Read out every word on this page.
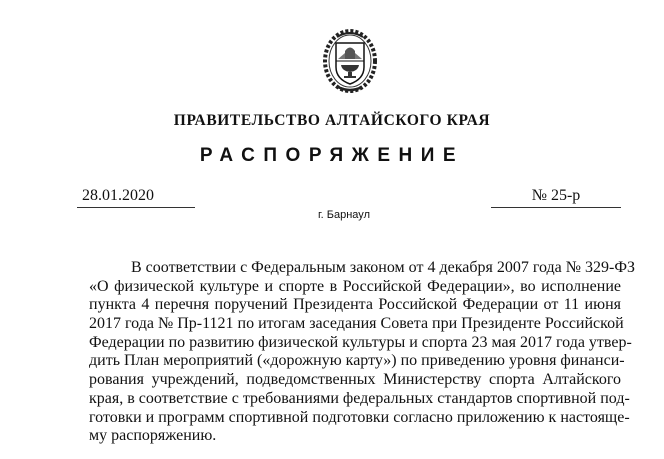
ПРАВИТЕЛЬСТВО АЛТАЙСКОГО КРАЯ
РАСПОРЯЖЕНИЕ
28.01.2020	№ 25-р
г. Барнаул
В соответствии с Федеральным законом от 4 декабря 2007 года № 329-ФЗ
«О физической культуре и спорте в Российской Федерации», во исполнение
пункта 4 перечня поручений Президента Российской Федерации от 11 июня
2017 года № Пр-1121 по итогам заседания Совета при Президенте Российской
Федерации по развитию физической культуры и спорта 23 мая 2017 года утвер-
дить План мероприятий («дорожную карту») по приведению уровня финанси-
рования учреждений, подведомственных Министерству спорта Алтайского
края, в соответствие с требованиями федеральных стандартов спортивной под-
готовки и программ спортивной подготовки согласно приложению к настояще-
му распоряжению.
